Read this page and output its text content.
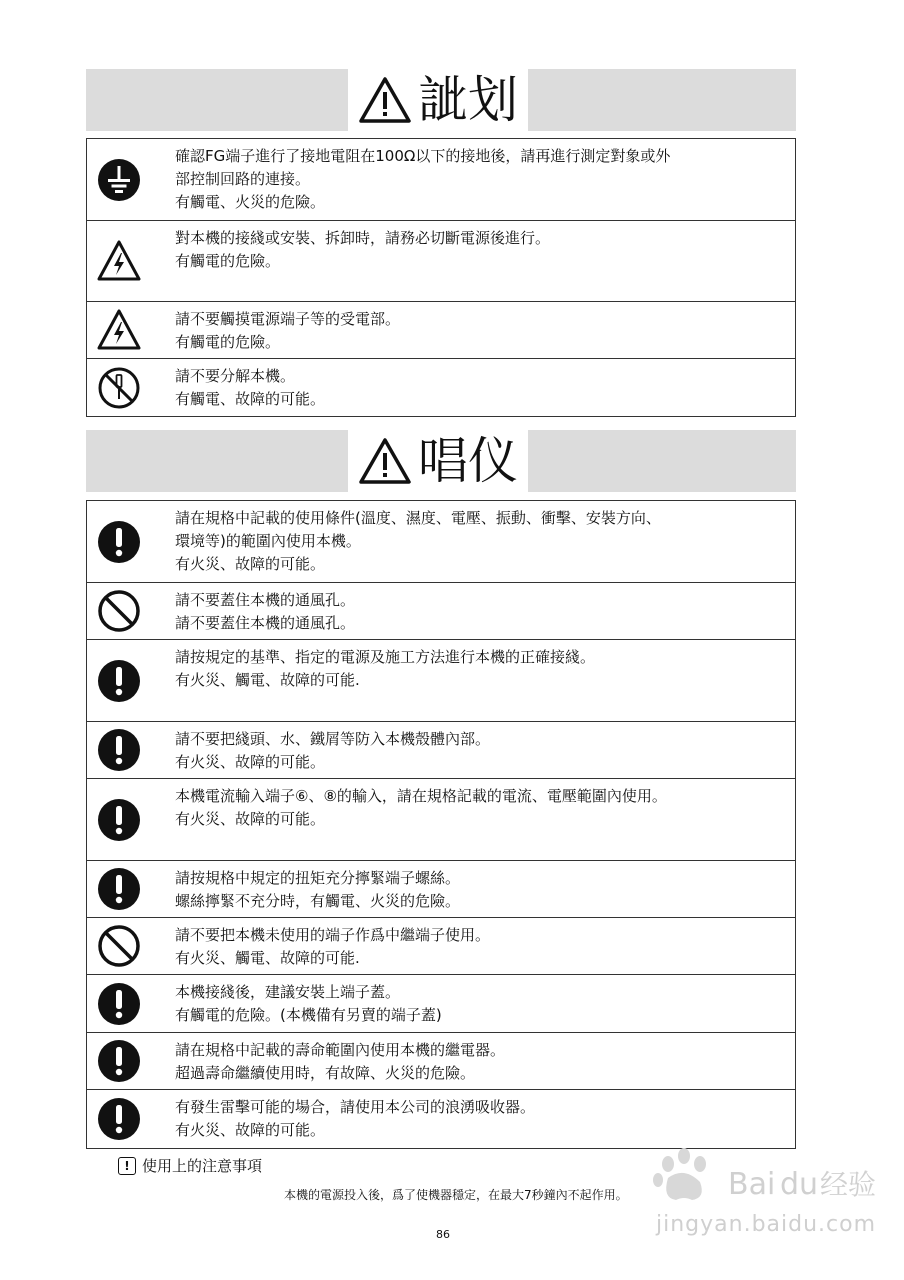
訿划
確認FG端子進行了接地電阻在100Ω以下的接地後，請再進行測定對象或外
部控制回路的連接。
有觸電、火災的危險。
對本機的接綫或安裝、拆卸時，請務必切斷電源後進行。
有觸電的危險。
請不要觸摸電源端子等的受電部。
有觸電的危險。
請不要分解本機。
有觸電、故障的可能。
唱仪
請在規格中記載的使用條件(溫度、濕度、電壓、振動、衝擊、安裝方向、
環境等)的範圍內使用本機。
有火災、故障的可能。
請不要蓋住本機的通風孔。
請不要蓋住本機的通風孔。
請按規定的基準、指定的電源及施工方法進行本機的正確接綫。
有火災、觸電、故障的可能.
請不要把綫頭、水、鐵屑等防入本機殼體內部。
有火災、故障的可能。
本機電流輸入端子⑥、⑧的輸入，請在規格記載的電流、電壓範圍內使用。
有火災、故障的可能。
請按規格中規定的扭矩充分擰緊端子螺絲。
螺絲擰緊不充分時，有觸電、火災的危險。
請不要把本機未使用的端子作爲中繼端子使用。
有火災、觸電、故障的可能.
本機接綫後，建議安裝上端子蓋。
有觸電的危險。(本機備有另賣的端子蓋)
請在規格中記載的壽命範圍內使用本機的繼電器。
超過壽命繼續使用時，有故障、火災的危險。
有發生雷擊可能的場合，請使用本公司的浪湧吸收器。
有火災、故障的可能。
! 使用上的注意事項
本機的電源投入後，爲了使機器穩定，在最大7秒鐘內不起作用。
86
Bai du 经验
jingyan.baidu.com
